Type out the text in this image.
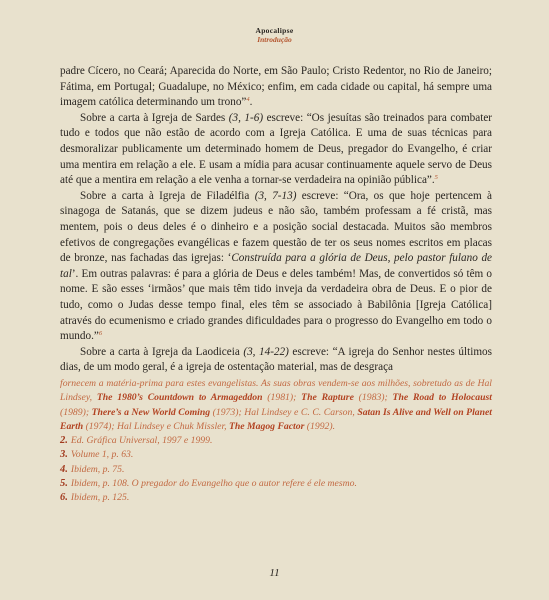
Apocalipse
Introdução

padre Cícero, no Ceará; Aparecida do Norte, em São Paulo; Cristo Redentor, no Rio de Janeiro; Fátima, em Portugal; Guadalupe, no México; enfim, em cada cidade ou capital, há sempre uma imagem católica determinando um trono”$^4$.

Sobre a carta à Igreja de Sardes (3, 1-6) escreve: “Os jesuítas são treinados para combater tudo e todos que não estão de acordo com a Igreja Católica. E uma de suas técnicas para desmoralizar publicamente um determinado homem de Deus, pregador do Evangelho, é criar uma mentira em relação a ele. E usam a mídia para acusar continuamente aquele servo de Deus até que a mentira em relação a ele venha a tornar-se verdadeira na opinião pública”.$^5$

Sobre a carta à Igreja de Filadélfia (3, 7-13) escreve: “Ora, os que hoje pertencem à sinagoga de Satanás, que se dizem judeus e não são, também professam a fé cristã, mas mentem, pois o deus deles é o dinheiro e a posição social destacada. Muitos são membros efetivos de congregações evangélicas e fazem questão de ter os seus nomes escritos em placas de bronze, nas fachadas das igrejas: ‘Construída para a glória de Deus, pelo pastor fulano de tal’. Em outras palavras: é para a glória de Deus e deles também! Mas, de convertidos só têm o nome. E são esses ‘irmãos’ que mais têm tido inveja da verdadeira obra de Deus. E o pior de tudo, como o Judas desse tempo final, eles têm se associado à Babilônia [Igreja Católica] através do ecumenismo e criado grandes dificuldades para o progresso do Evangelho em todo o mundo.”$^6$

Sobre a carta à Igreja da Laodiceia (3, 14-22) escreve: “A igreja do Senhor nestes últimos dias, de um modo geral, é a igreja de ostentação material, mas de desgraça

fornecem a matéria-prima para estes evangelistas. As suas obras vendem-se aos milhões, sobretudo as de Hal Lindsey, The 1980’s Countdown to Armageddon (1981); The Rapture (1983); The Road to Holocaust (1989); There’s a New World Coming (1973); Hal Lindsey e C. C. Carson, Satan Is Alive and Well on Planet Earth (1974); Hal Lindsey e Chuk Missler, The Magog Factor (1992).

2. Ed. Gráfica Universal, 1997 e 1999.

3. Volume 1, p. 63.

4. Ibidem, p. 75.

5. Ibidem, p. 108. O pregador do Evangelho que o autor refere é ele mesmo.

6. Ibidem, p. 125.

11
